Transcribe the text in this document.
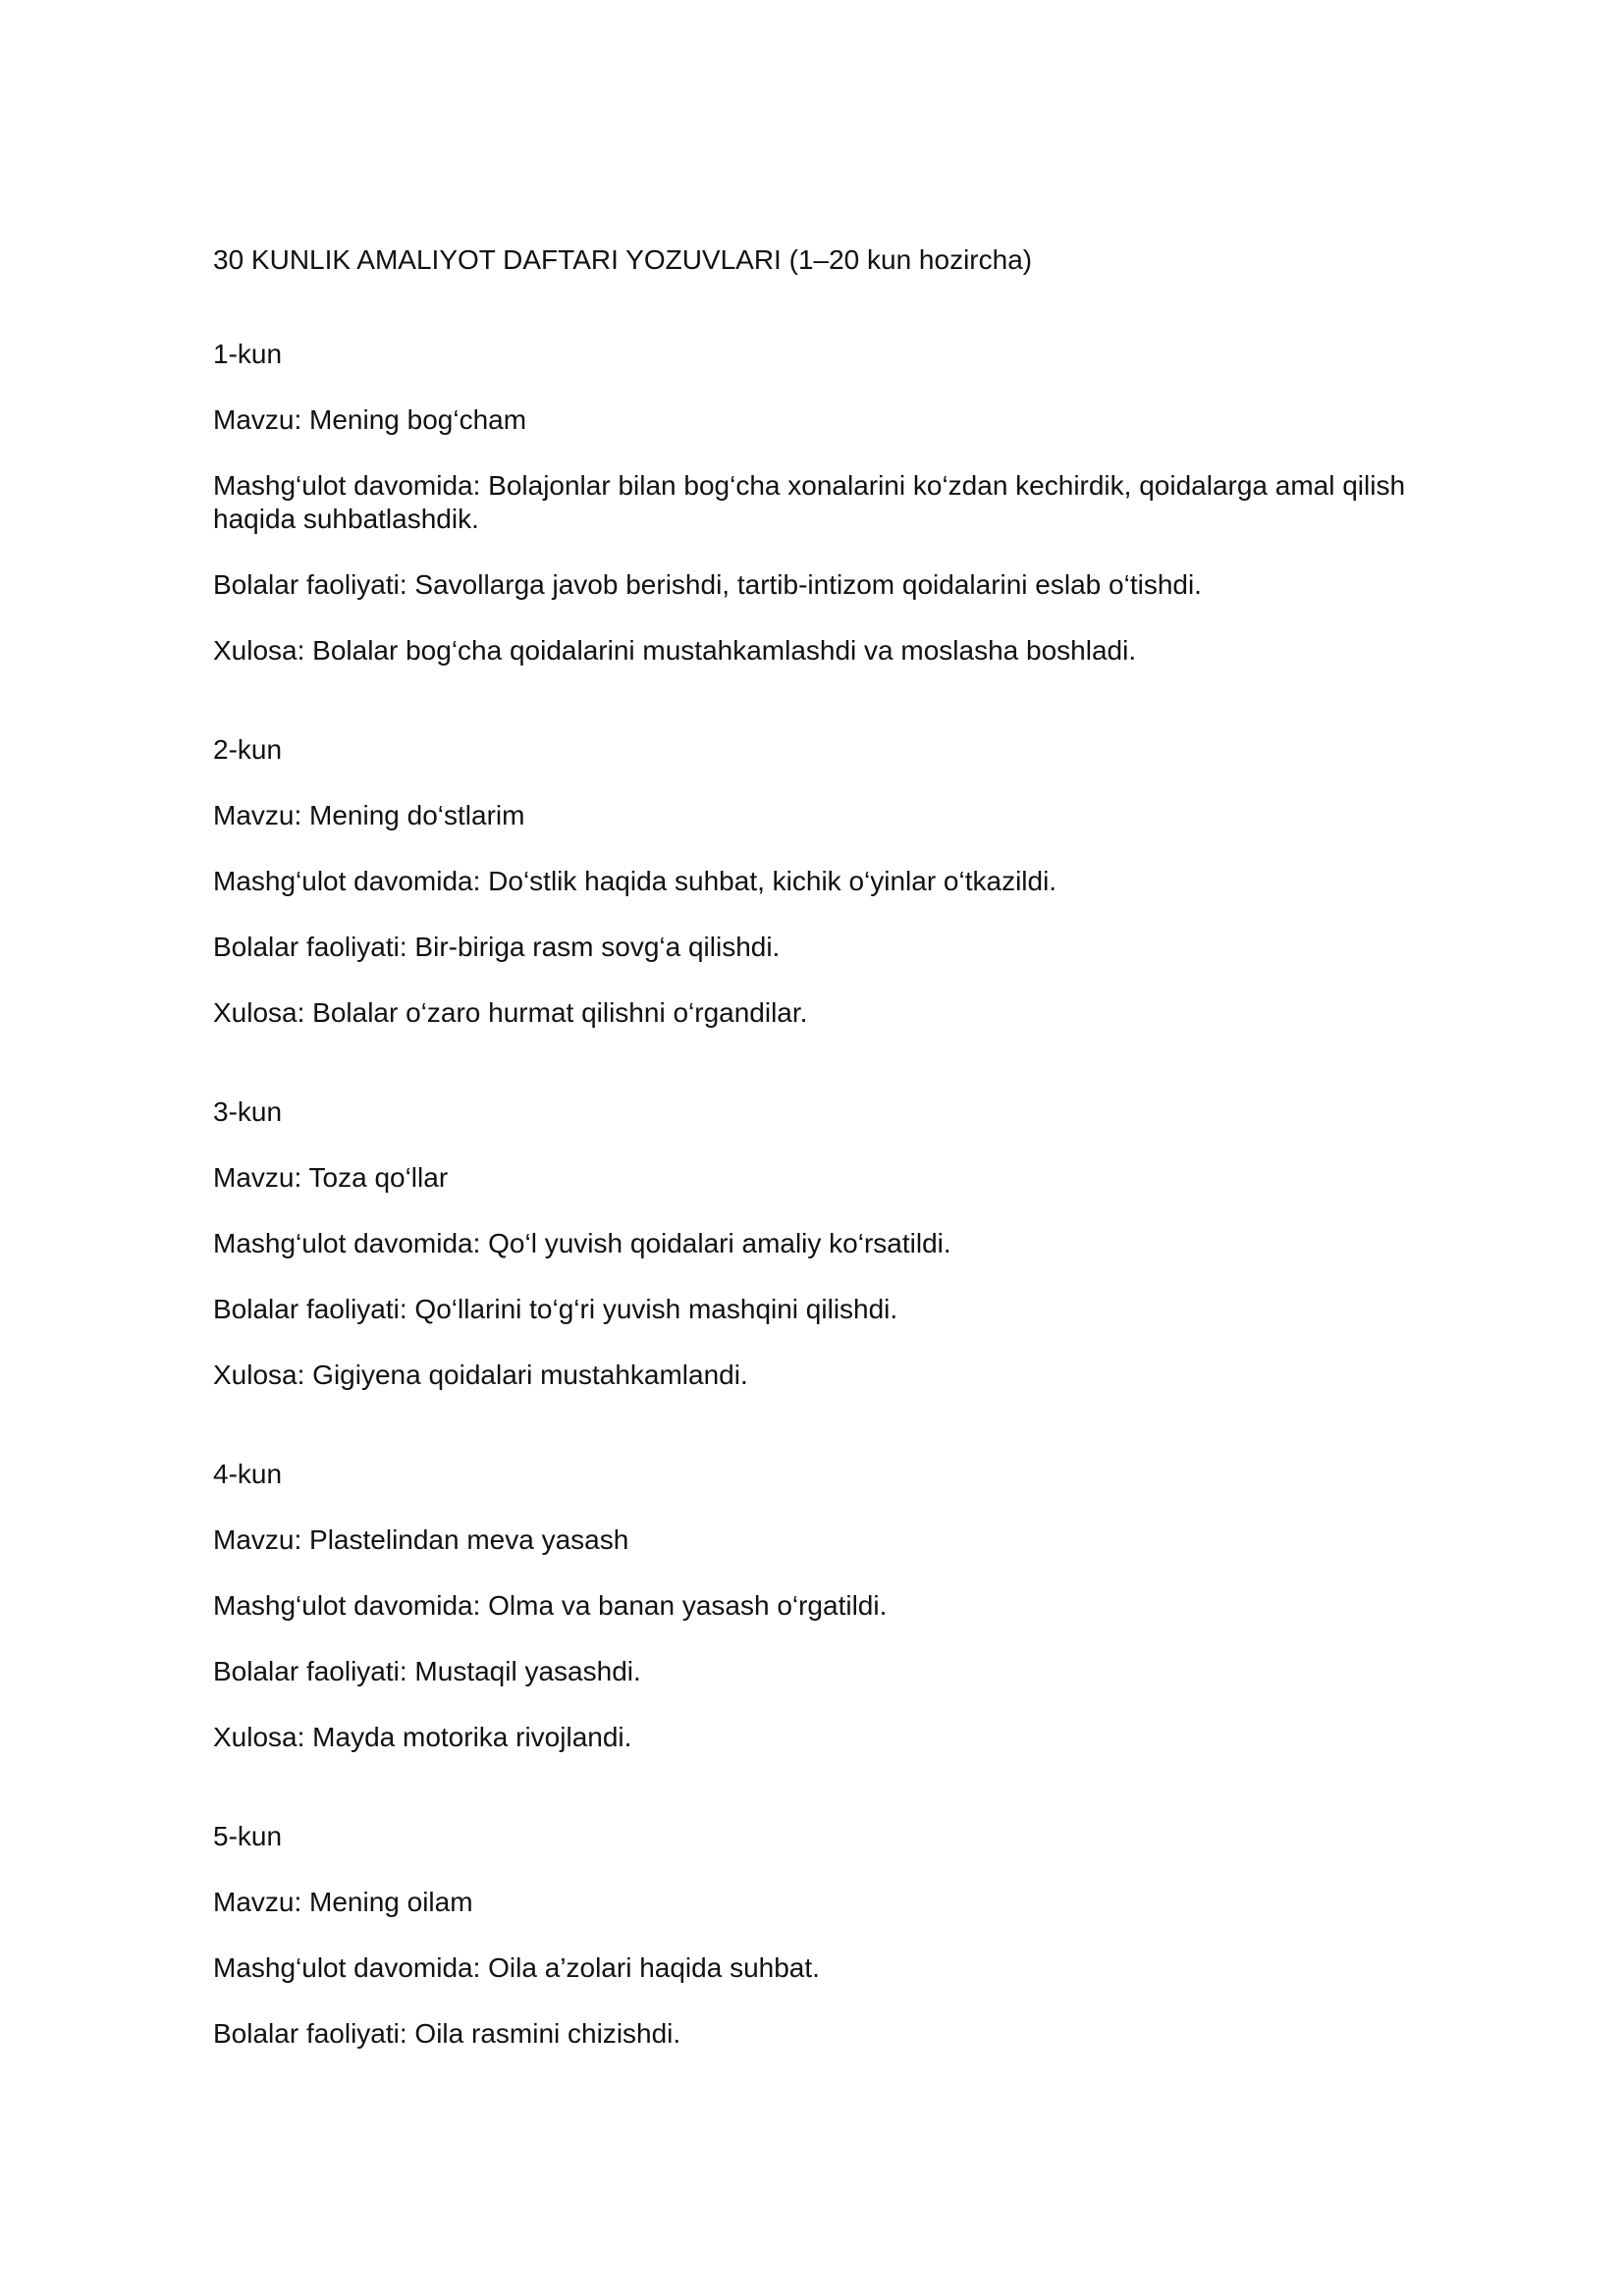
30 KUNLIK AMALIYOT DAFTARI YOZUVLARI (1–20 kun hozircha)
1-kun
Mavzu: Mening bog‘cham
Mashg‘ulot davomida: Bolajonlar bilan bog‘cha xonalarini ko‘zdan kechirdik, qoidalarga amal qilish haqida suhbatlashdik.
Bolalar faoliyati: Savollarga javob berishdi, tartib-intizom qoidalarini eslab o‘tishdi.
Xulosa: Bolalar bog‘cha qoidalarini mustahkamlashdi va moslasha boshladi.
2-kun
Mavzu: Mening do‘stlarim
Mashg‘ulot davomida: Do‘stlik haqida suhbat, kichik o‘yinlar o‘tkazildi.
Bolalar faoliyati: Bir-biriga rasm sovg‘a qilishdi.
Xulosa: Bolalar o‘zaro hurmat qilishni o‘rgandilar.
3-kun
Mavzu: Toza qo‘llar
Mashg‘ulot davomida: Qo‘l yuvish qoidalari amaliy ko‘rsatildi.
Bolalar faoliyati: Qo‘llarini to‘g‘ri yuvish mashqini qilishdi.
Xulosa: Gigiyena qoidalari mustahkamlandi.
4-kun
Mavzu: Plastelindan meva yasash
Mashg‘ulot davomida: Olma va banan yasash o‘rgatildi.
Bolalar faoliyati: Mustaqil yasashdi.
Xulosa: Mayda motorika rivojlandi.
5-kun
Mavzu: Mening oilam
Mashg‘ulot davomida: Oila a’zolari haqida suhbat.
Bolalar faoliyati: Oila rasmini chizishdi.
